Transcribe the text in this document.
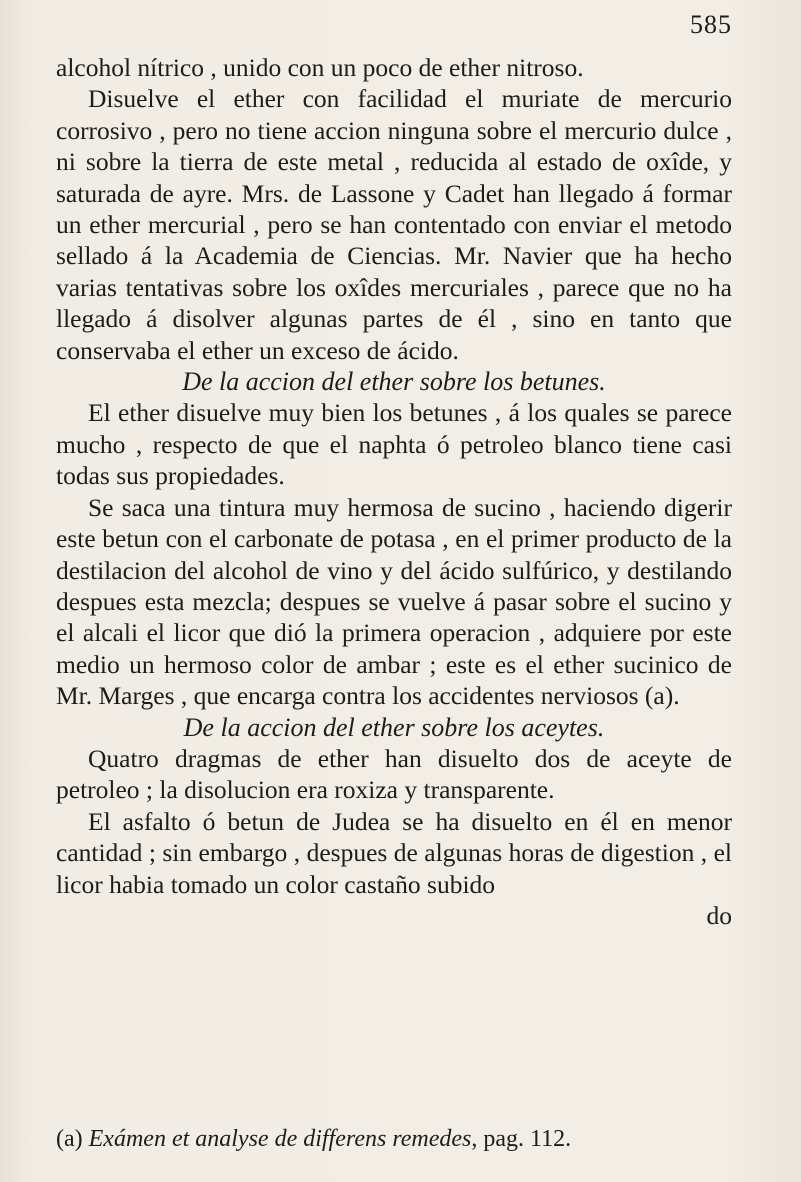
585

alcohol nítrico , unido con un poco de ether nitroso.

Disuelve el ether con facilidad el muriate de mercurio corrosivo , pero no tiene accion ninguna sobre el mercurio dulce , ni sobre la tierra de este metal , reducida al estado de oxîde, y saturada de ayre. Mrs. de Lassone y Cadet han llegado á formar un ether mercurial , pero se han contentado con enviar el metodo sellado á la Academia de Ciencias. Mr. Navier que ha hecho varias tentativas sobre los oxîdes mercuriales , parece que no ha llegado á disolver algunas partes de él , sino en tanto que conservaba el ether un exceso de ácido.

De la accion del ether sobre los betunes.

El ether disuelve muy bien los betunes , á los quales se parece mucho , respecto de que el naphta ó petroleo blanco tiene casi todas sus propiedades.

Se saca una tintura muy hermosa de sucino , haciendo digerir este betun con el carbonate de potasa , en el primer producto de la destilacion del alcohol de vino y del ácido sulfúrico, y destilando despues esta mezcla; despues se vuelve á pasar sobre el sucino y el alcali el licor que dió la primera operacion , adquiere por este medio un hermoso color de ambar ; este es el ether sucinico de Mr. Marges , que encarga contra los accidentes nerviosos (a).

De la accion del ether sobre los aceytes.

Quatro dragmas de ether han disuelto dos de aceyte de petroleo ; la disolucion era roxiza y transparente.

El asfalto ó betun de Judea se ha disuelto en él en menor cantidad ; sin embargo , despues de algunas horas de digestion , el licor habia tomado un color castaño subido

do

(a) Exámen et analyse de differens remedes, pag. 112.
